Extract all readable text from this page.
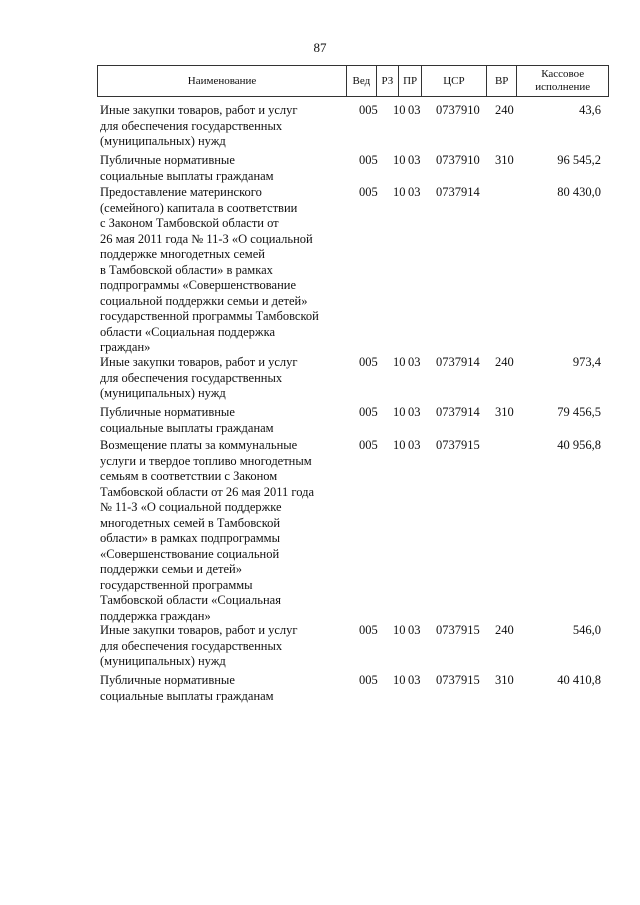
87
Наименование	Вед	РЗ ПР	ЦСР	ВР
Кассовое исполнение
Иные закупки товаров, работ и услуг
для обеспечения государственных
(муниципальных) нужд
005 10 03 0737910 240	43,6
Публичные нормативные
социальные выплаты гражданам
005 10 03 0737910 310	96 545,2
Предоставление материнского
(семейного) капитала в соответствии
с Законом Тамбовской области от
26 мая 2011 года № 11-З «О социальной
поддержке многодетных семей
в Тамбовской области» в рамках
подпрограммы «Совершенствование
социальной поддержки семьи и детей»
государственной программы Тамбовской
области «Социальная поддержка
граждан»
005 10 03 0737914	80 430,0
Иные закупки товаров, работ и услуг
для обеспечения государственных
(муниципальных) нужд
005 10 03 0737914 240	973,4
Публичные нормативные
социальные выплаты гражданам
005 10 03 0737914 310	79 456,5
Возмещение платы за коммунальные
услуги и твердое топливо многодетным
семьям в соответствии с Законом
Тамбовской области от 26 мая 2011 года
№ 11-З «О социальной поддержке
многодетных семей в Тамбовской
области» в рамках подпрограммы
«Совершенствование социальной
поддержки семьи и детей»
государственной программы
Тамбовской области «Социальная
поддержка граждан»
005 10 03 0737915	40 956,8
Иные закупки товаров, работ и услуг
для обеспечения государственных
(муниципальных) нужд
005 10 03 0737915 240	546,0
Публичные нормативные
социальные выплаты гражданам
005 10 03 0737915 310	40 410,8
